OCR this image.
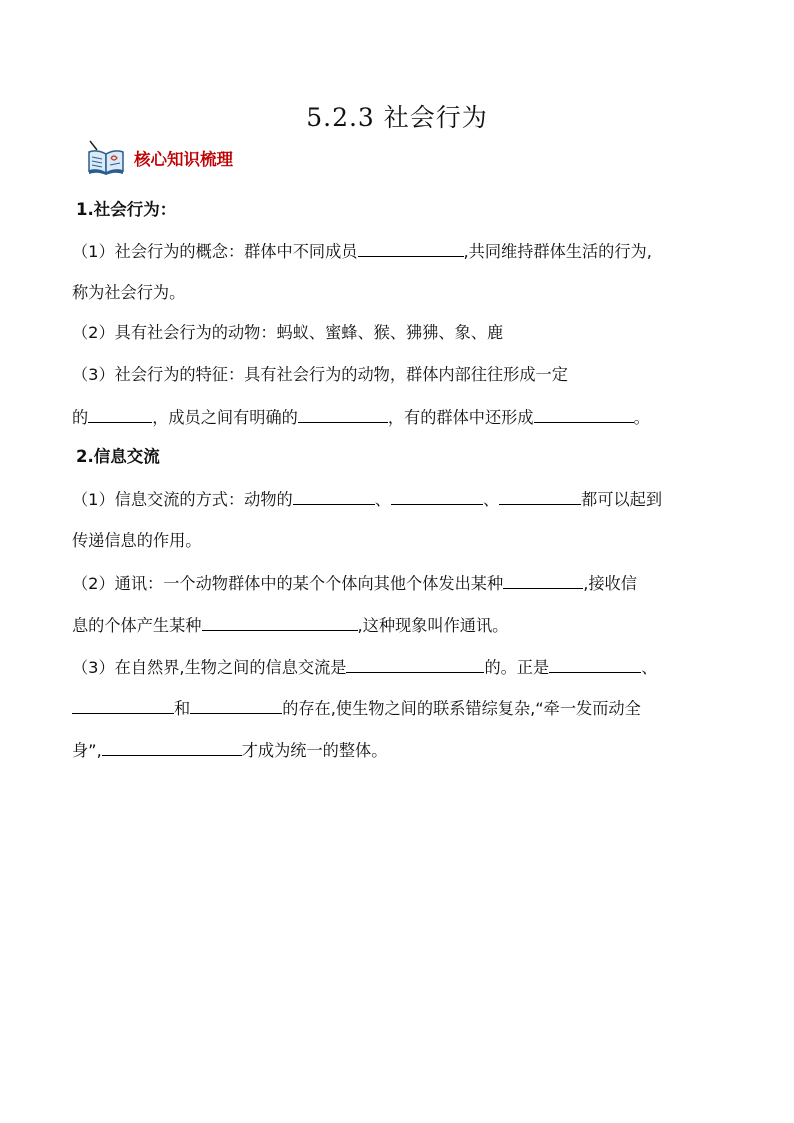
5.2.3 社会行为
核心知识梳理
1.社会行为：
（1）社会行为的概念：群体中不同成员	,共同维持群体生活的行为,
称为社会行为。
（2）具有社会行为的动物：蚂蚁、蜜蜂、猴、狒狒、象、鹿
（3）社会行为的特征：具有社会行为的动物，群体内部往往形成一定
的	，成员之间有明确的	，有的群体中还形成	。
2.信息交流
（1）信息交流的方式：动物的	、	、	都可以起到
传递信息的作用。
（2）通讯：一个动物群体中的某个个体向其他个体发出某种	,接收信
息的个体产生某种	,这种现象叫作通讯。
（3）在自然界,生物之间的信息交流是	的。正是	、
和	的存在,使生物之间的联系错综复杂,“牵一发而动全
身”,	才成为统一的整体。
